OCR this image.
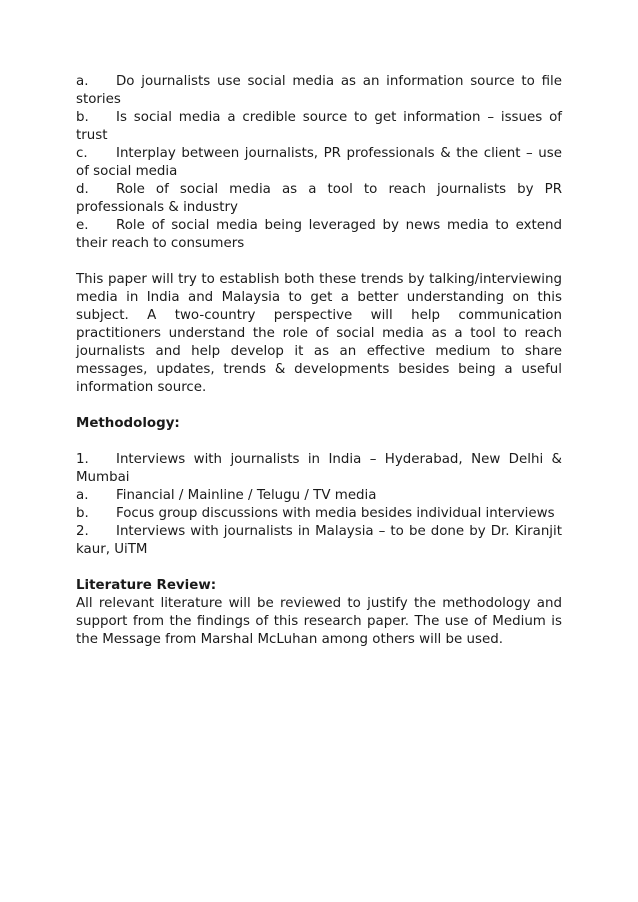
a. Do journalists use social media as an information source to file stories

b. Is social media a credible source to get information – issues of trust

c. Interplay between journalists, PR professionals & the client – use of social media

d. Role of social media as a tool to reach journalists by PR professionals & industry

e. Role of social media being leveraged by news media to extend their reach to consumers

This paper will try to establish both these trends by talking/interviewing media in India and Malaysia to get a better understanding on this subject. A two-country perspective will help communication practitioners understand the role of social media as a tool to reach journalists and help develop it as an effective medium to share messages, updates, trends & developments besides being a useful information source.

Methodology:

1. Interviews with journalists in India – Hyderabad, New Delhi & Mumbai

a. Financial / Mainline / Telugu / TV media

b. Focus group discussions with media besides individual interviews

2. Interviews with journalists in Malaysia – to be done by Dr. Kiranjit kaur, UiTM

Literature Review:

All relevant literature will be reviewed to justify the methodology and support from the findings of this research paper. The use of Medium is the Message from Marshal McLuhan among others will be used.
